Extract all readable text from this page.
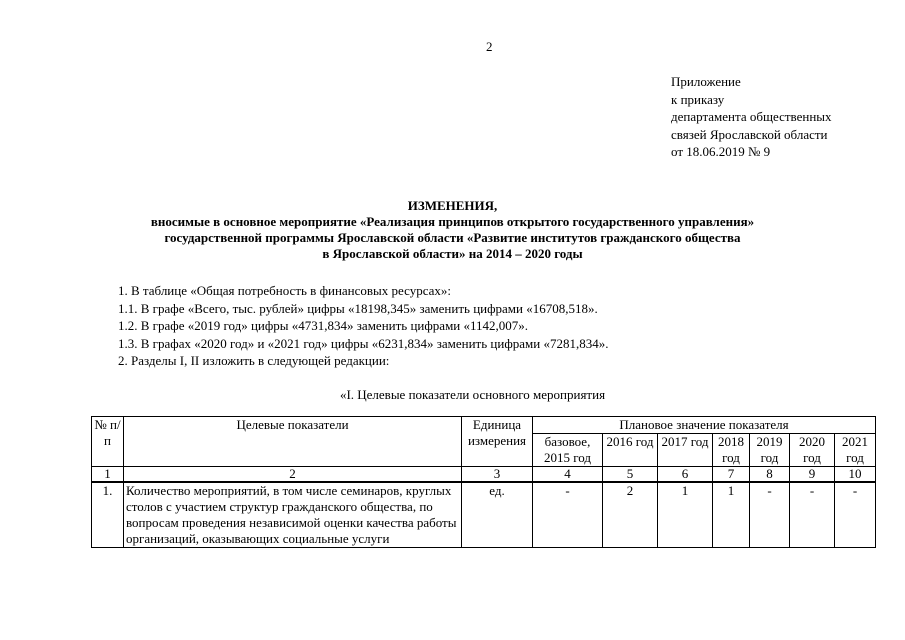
2
Приложение
к приказу
департамента общественных
связей Ярославской области
от 18.06.2019 № 9
ИЗМЕНЕНИЯ,
вносимые в основное мероприятие «Реализация принципов открытого государственного управления»
государственной программы Ярославской области «Развитие институтов гражданского общества
в Ярославской области» на 2014 – 2020 годы
1. В таблице «Общая потребность в финансовых ресурсах»:
1.1. В графе «Всего, тыс. рублей» цифры «18198,345» заменить цифрами «16708,518».
1.2. В графе «2019 год» цифры «4731,834» заменить цифрами «1142,007».
1.3. В графах «2020 год» и «2021 год» цифры «6231,834» заменить цифрами «7281,834».
2. Разделы I, II изложить в следующей редакции:
«I. Целевые показатели основного мероприятия
№ п/п	Целевые показатели	Единица измерения	Плановое значение показателя						
			базовое, 2015 год	2016 год	2017 год	2018 год	2019 год	2020 год	2021 год
1	2	3	4	5	6	7	8	9	10
1.	Количество мероприятий, в том числе семинаров, круглых столов с участием структур гражданского общества, по вопросам проведения независимой оценки качества работы организаций, оказывающих социальные услуги	ед.	-	2	1	1	-	-	-
